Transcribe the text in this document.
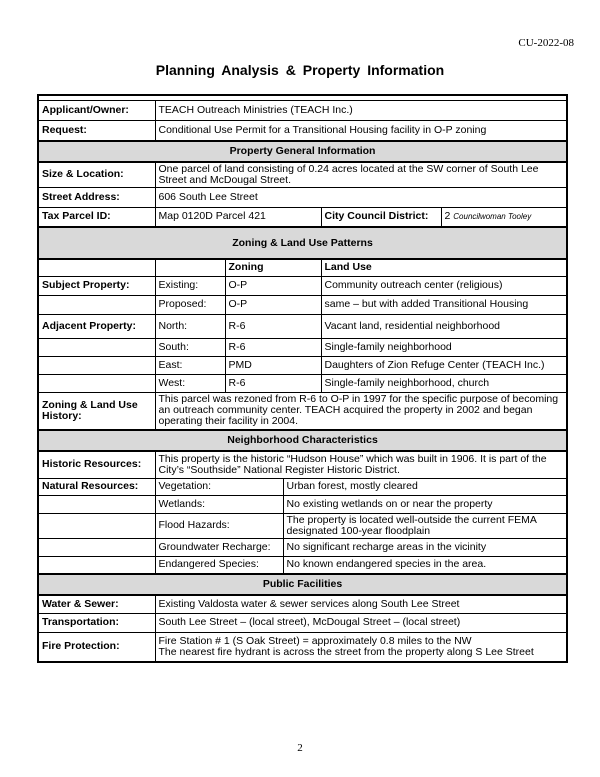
CU-2022-08
Planning Analysis & Property Information

Applicant/Owner:	TEACH Outreach Ministries (TEACH Inc.)				
Request:	Conditional Use Permit for a Transitional Housing facility in O-P zoning				
Property General Information					
Size & Location:	One parcel of land consisting of 0.24 acres located at the SW corner of South Lee Street and McDougal Street.				
Street Address:	606 South Lee Street				
Tax Parcel ID:	Map 0120D Parcel 421			City Council District:	2 Councilwoman Tooley
Zoning & Land Use Patterns					
		Zoning		Land Use	
Subject Property:	Existing:	O-P		Community outreach center (religious)	
	Proposed:	O-P		same – but with added Transitional Housing	
Adjacent Property:	North:	R-6		Vacant land, residential neighborhood	
	South:	R-6		Single-family neighborhood	
	East:	PMD		Daughters of Zion Refuge Center (TEACH Inc.)	
	West:	R-6		Single-family neighborhood, church	
Zoning & Land Use History:	This parcel was rezoned from R-6 to O-P in 1997 for the specific purpose of becoming an outreach community center. TEACH acquired the property in 2002 and began operating their facility in 2004.				
Neighborhood Characteristics					
Historic Resources:	This property is the historic “Hudson House” which was built in 1906. It is part of the City’s “Southside” National Register Historic District.				
Natural Resources:	Vegetation:		Urban forest, mostly cleared		
	Wetlands:		No existing wetlands on or near the property		
	Flood Hazards:		The property is located well-outside the current FEMA designated 100-year floodplain		
	Groundwater Recharge:		No significant recharge areas in the vicinity		
	Endangered Species:		No known endangered species in the area.		
Public Facilities					
Water & Sewer:	Existing Valdosta water & sewer services along South Lee Street				
Transportation:	South Lee Street – (local street), McDougal Street – (local street)				
Fire Protection:	Fire Station # 1 (S Oak Street) = approximately 0.8 miles to the NW
The nearest fire hydrant is across the street from the property along S Lee Street				
2
